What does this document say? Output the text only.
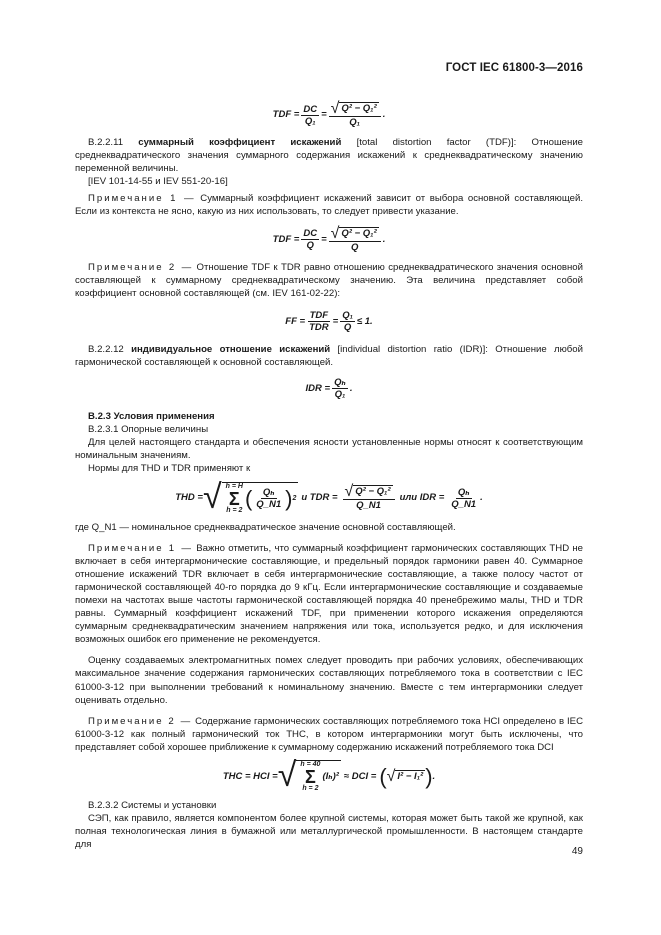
ГОСТ IEC 61800-3—2016
TDF = $\frac{DC}{\text{Q₁}} = \frac{\text{√ Q² − Q₁²}}{\text{Q₁}}$ .

В.2.2.11 суммарный коэффициент искажений [total distortion factor (TDF)]: Отношение среднеквадратического значения суммарного содержания искажений к среднеквадратическому значению переменной величины.

[IEV 101-14-55 и IEV 551-20-16]

Примечание 1 — Суммарный коэффициент искажений зависит от выбора основной составляющей. Если из контекста не ясно, какую из них использовать, то следует привести указание.

TDF = $\frac{DC}{Q} = \frac{\text{√ Q² − Q₁²}}{Q}$ .

Примечание 2 — Отношение TDF к TDR равно отношению среднеквадратического значения основной составляющей к суммарному среднеквадратическому значению. Эта величина представляет собой коэффициент основной составляющей (см. IEV 161-02-22):

FF = $\frac{\text{TDF}}{\text{TDR}} = \frac{\text{Q₁}}{Q} \le 1$.

В.2.2.12 индивидуальное отношение искажений [individual distortion ratio (IDR)]: Отношение любой гармонической составляющей к основной составляющей.

IDR = $\frac{\text{Qₕ}}{\text{Q₁}}$ .

В.2.3 Условия применения

В.2.3.1 Опорные величины

Для целей настоящего стандарта и обеспечения ясности установленные нормы относят к соответствующим номинальным значениям.

Нормы для THD и TDR применяют к

THD = √ h = H
Σ
h = 2 ( $\frac{\text{Qₕ}}{Q\_N1}$ ) 2 и TDR = $\frac{\text{√ Q² − Q₁²}}{Q\_N1}$ или IDR = $\frac{\text{Qₕ}}{Q\_N1}$ .

где Q_N1 — номинальное среднеквадратическое значение основной составляющей.

Примечание 1 — Важно отметить, что суммарный коэффициент гармонических составляющих THD не включает в себя интергармонические составляющие, и предельный порядок гармоники равен 40. Суммарное отношение искажений TDR включает в себя интергармонические составляющие, а также полосу частот от гармонической составляющей 40-го порядка до 9 кГц. Если интергармонические составляющие и создаваемые помехи на частотах выше частоты гармонической составляющей порядка 40 пренебрежимо малы, THD и TDR равны. Суммарный коэффициент искажений TDF, при применении которого искажения определяются суммарным среднеквадратическим значением напряжения или тока, используется редко, и для исключения возможных ошибок его применение не рекомендуется.

Оценку создаваемых электромагнитных помех следует проводить при рабочих условиях, обеспечивающих максимальное значение содержания гармонических составляющих потребляемого тока в соответствии с IEC 61000-3-12 при выполнении требований к номинальному значению. Вместе с тем интергармоники следует оценивать отдельно.

Примечание 2 — Содержание гармонических составляющих потребляемого тока HCI определено в IEC 61000-3-12 как полный гармонический ток THC, в котором интергармоники могут быть исключены, что представляет собой хорошее приближение к суммарному содержанию искажений потребляемого тока DCI

THC = HCI = √ h = 40
Σ
h = 2
(Iₕ)² ≈ DCI = ( √ I² − I₁² ) .

В.2.3.2 Системы и установки

СЭП, как правило, является компонентом более крупной системы, которая может быть такой же крупной, как полная технологическая линия в бумажной или металлургической промышленности. В настоящем стандарте для

49
